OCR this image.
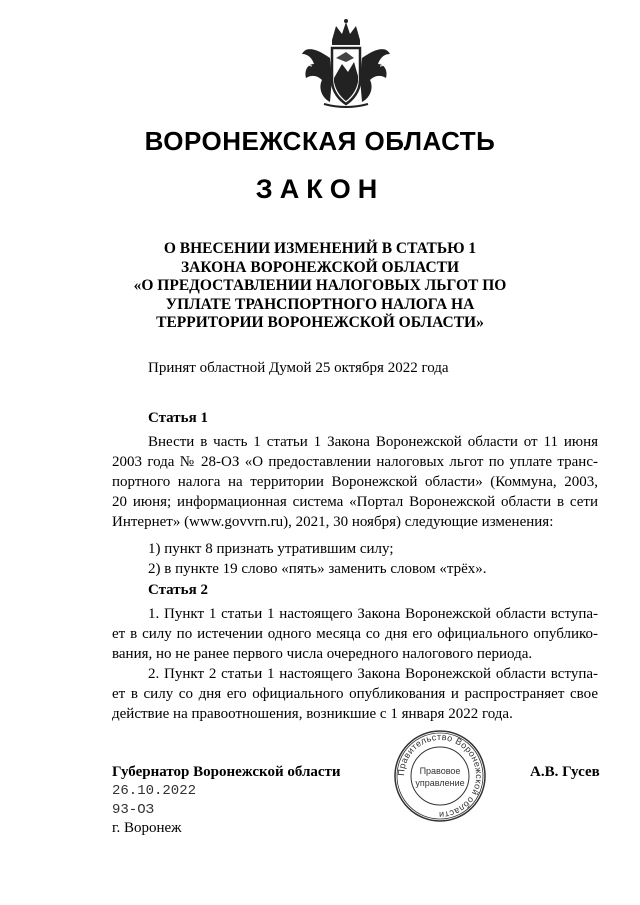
ВОРОНЕЖСКАЯ ОБЛАСТЬ
ЗАКОН
О ВНЕСЕНИИ ИЗМЕНЕНИЙ В СТАТЬЮ 1
ЗАКОНА ВОРОНЕЖСКОЙ ОБЛАСТИ
«О ПРЕДОСТАВЛЕНИИ НАЛОГОВЫХ ЛЬГОТ ПО
УПЛАТЕ ТРАНСПОРТНОГО НАЛОГА НА
ТЕРРИТОРИИ ВОРОНЕЖСКОЙ ОБЛАСТИ»
Принят областной Думой 25 октября 2022 года
Статья 1
Внести в часть 1 статьи 1 Закона Воронежской области от 11 июня
2003 года № 28-ОЗ «О предоставлении налоговых льгот по уплате транс-
портного налога на территории Воронежской области» (Коммуна, 2003,
20 июня; информационная система «Портал Воронежской области в сети
Интернет» (www.govvrn.ru), 2021, 30 ноября) следующие изменения:
1) пункт 8 признать утратившим силу;
2) в пункте 19 слово «пять» заменить словом «трёх».
Статья 2
1. Пункт 1 статьи 1 настоящего Закона Воронежской области вступа-
ет в силу по истечении одного месяца со дня его официального опублико-
вания, но не ранее первого числа очередного налогового периода.
2. Пункт 2 статьи 1 настоящего Закона Воронежской области вступа-
ет в силу со дня его официального опубликования и распространяет свое
действие на правоотношения, возникшие с 1 января 2022 года.
Губернатор Воронежской области	А.В. Гусев
26.10.2022
93-ОЗ
г. Воронеж
Правительство Воронежской области
Правовое
управление
